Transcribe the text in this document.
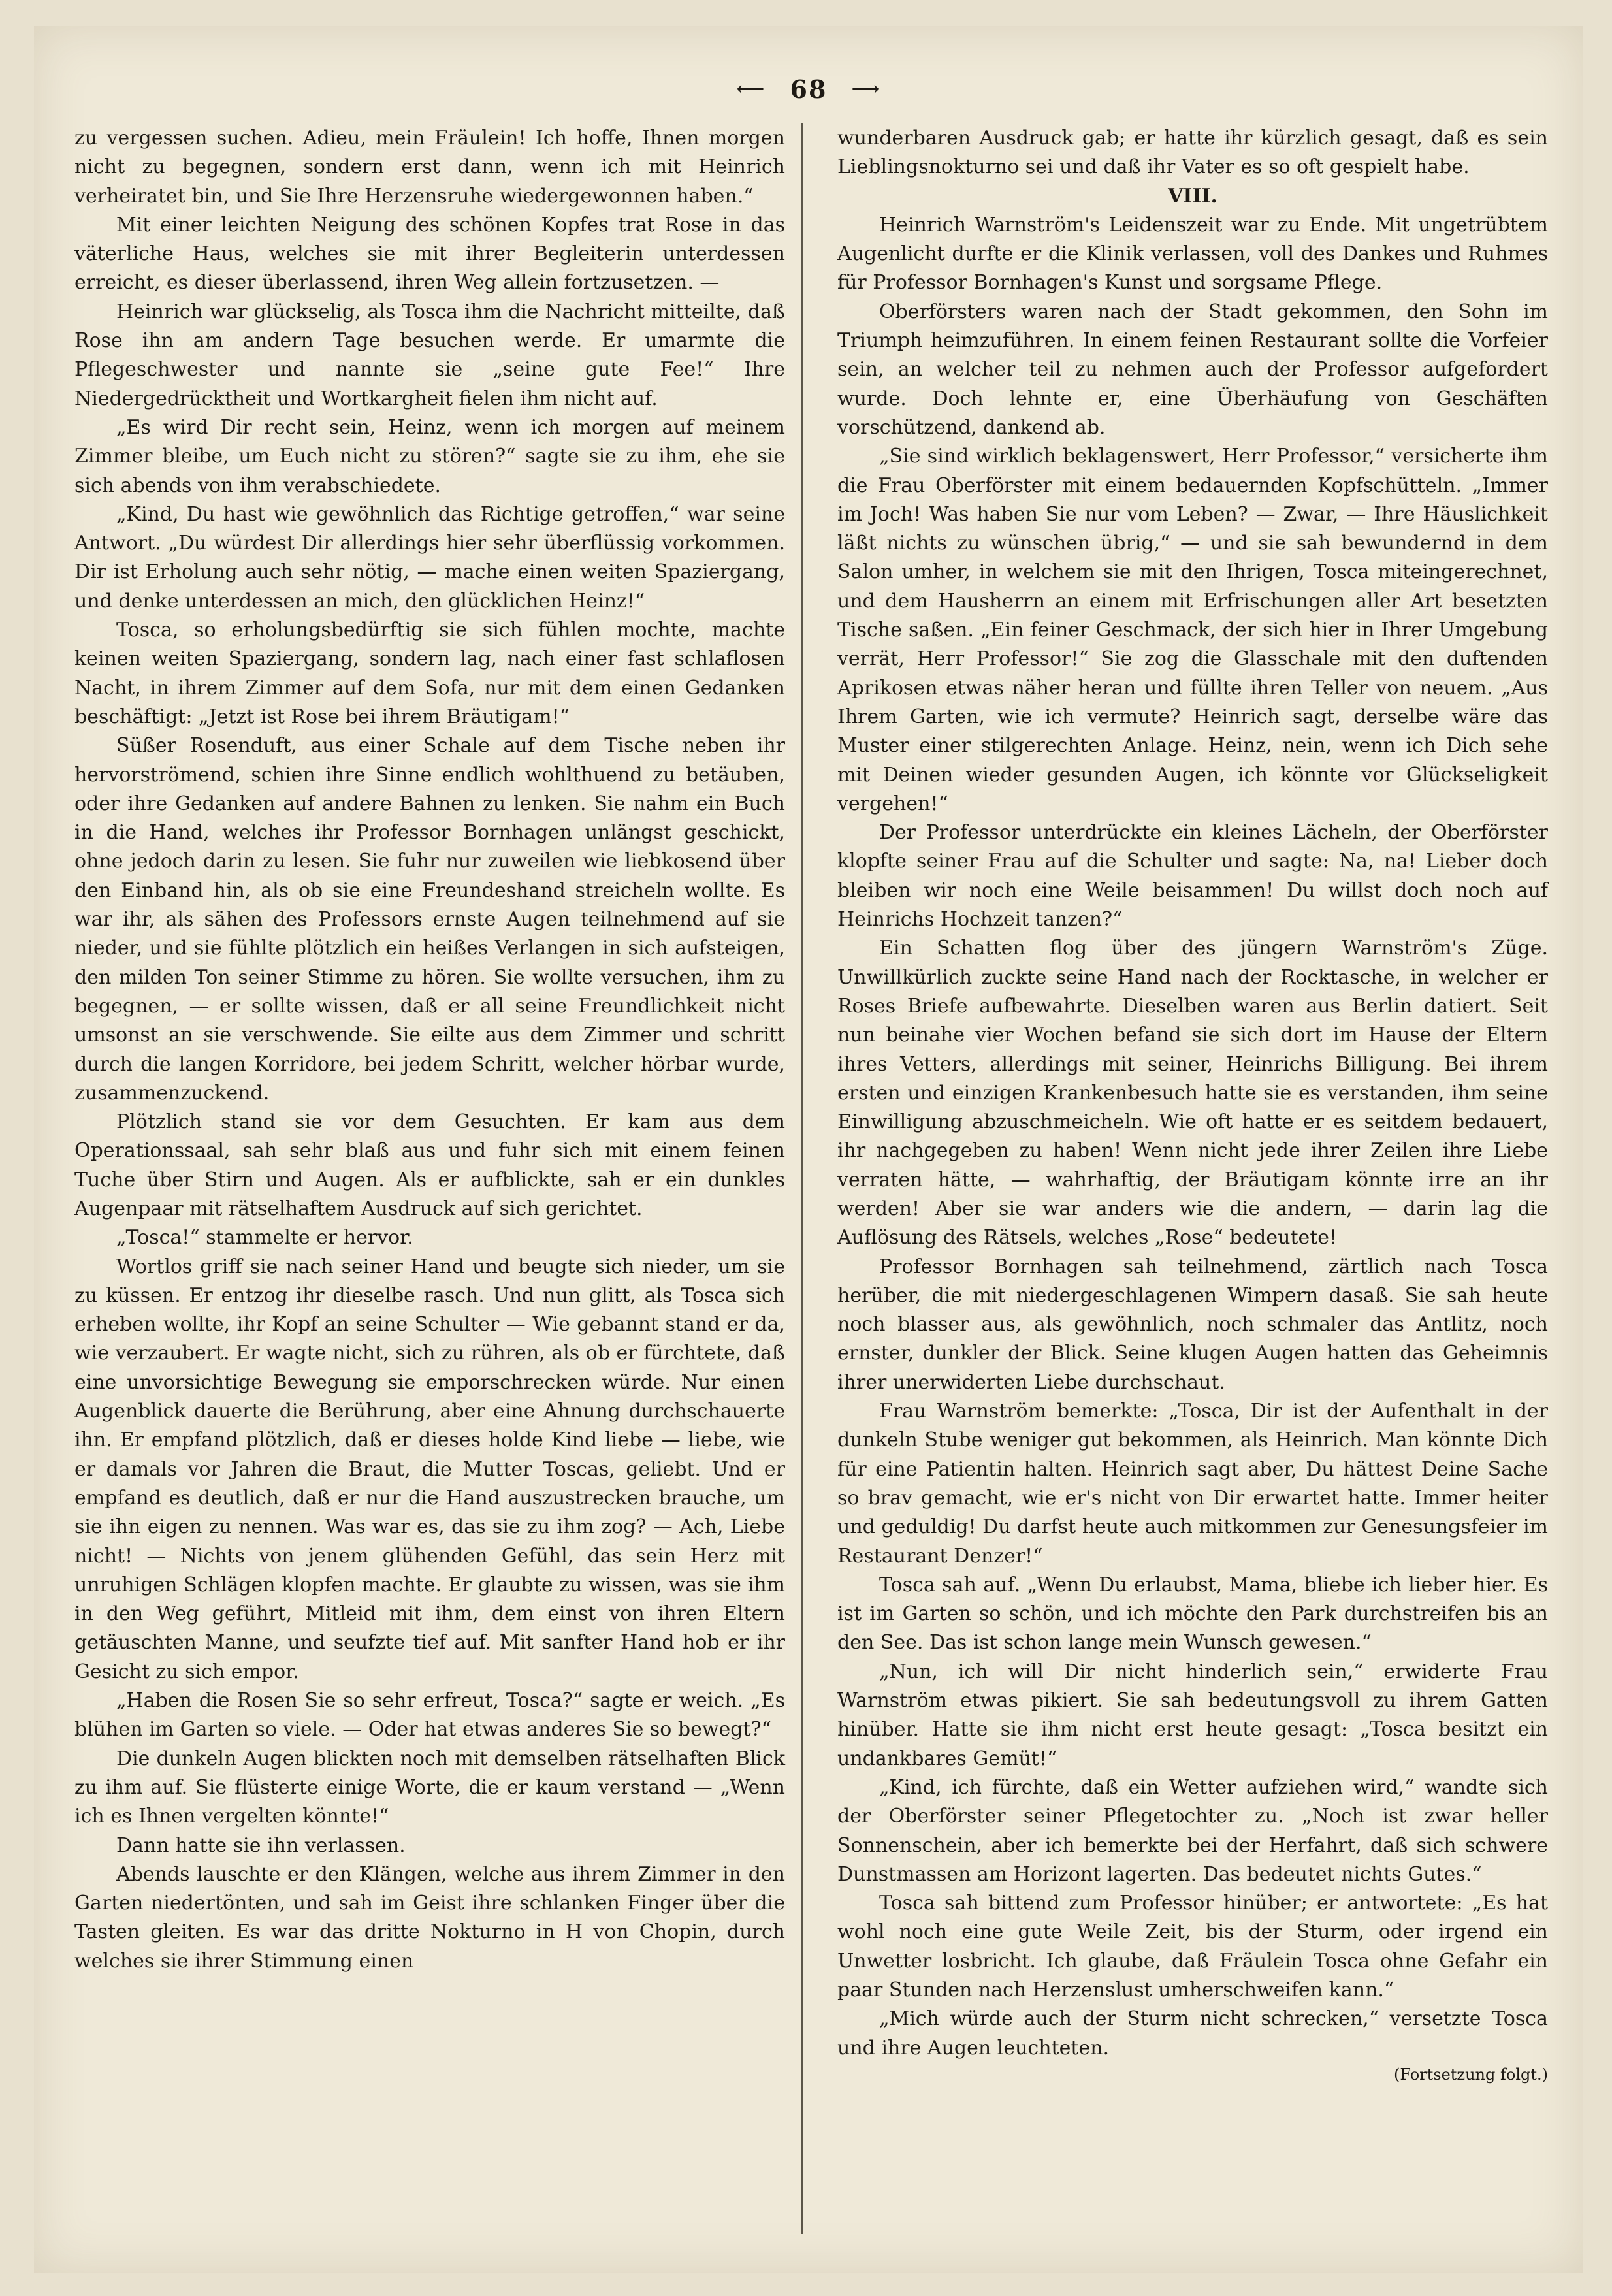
⟵ 68 ⟶

zu vergessen suchen. Adieu, mein Fräulein! Ich hoffe, Ihnen morgen nicht zu begegnen, sondern erst dann, wenn ich mit Heinrich verheiratet bin, und Sie Ihre Herzensruhe wiedergewonnen haben.“

Mit einer leichten Neigung des schönen Kopfes trat Rose in das väterliche Haus, welches sie mit ihrer Begleiterin unterdessen erreicht, es dieser überlassend, ihren Weg allein fortzusetzen. —

Heinrich war glückselig, als Tosca ihm die Nachricht mitteilte, daß Rose ihn am andern Tage besuchen werde. Er umarmte die Pflegeschwester und nannte sie „seine gute Fee!“ Ihre Niedergedrücktheit und Wortkargheit fielen ihm nicht auf.

„Es wird Dir recht sein, Heinz, wenn ich morgen auf meinem Zimmer bleibe, um Euch nicht zu stören?“ sagte sie zu ihm, ehe sie sich abends von ihm verabschiedete.

„Kind, Du hast wie gewöhnlich das Richtige getroffen,“ war seine Antwort. „Du würdest Dir allerdings hier sehr überflüssig vorkommen. Dir ist Erholung auch sehr nötig, — mache einen weiten Spaziergang, und denke unterdessen an mich, den glücklichen Heinz!“

Tosca, so erholungsbedürftig sie sich fühlen mochte, machte keinen weiten Spaziergang, sondern lag, nach einer fast schlaflosen Nacht, in ihrem Zimmer auf dem Sofa, nur mit dem einen Gedanken beschäftigt: „Jetzt ist Rose bei ihrem Bräutigam!“

Süßer Rosenduft, aus einer Schale auf dem Tische neben ihr hervorströmend, schien ihre Sinne endlich wohlthuend zu betäuben, oder ihre Gedanken auf andere Bahnen zu lenken. Sie nahm ein Buch in die Hand, welches ihr Professor Bornhagen unlängst geschickt, ohne jedoch darin zu lesen. Sie fuhr nur zuweilen wie liebkosend über den Einband hin, als ob sie eine Freundeshand streicheln wollte. Es war ihr, als sähen des Professors ernste Augen teilnehmend auf sie nieder, und sie fühlte plötzlich ein heißes Verlangen in sich aufsteigen, den milden Ton seiner Stimme zu hören. Sie wollte versuchen, ihm zu begegnen, — er sollte wissen, daß er all seine Freundlichkeit nicht umsonst an sie verschwende. Sie eilte aus dem Zimmer und schritt durch die langen Korridore, bei jedem Schritt, welcher hörbar wurde, zusammenzuckend.

Plötzlich stand sie vor dem Gesuchten. Er kam aus dem Operationssaal, sah sehr blaß aus und fuhr sich mit einem feinen Tuche über Stirn und Augen. Als er aufblickte, sah er ein dunkles Augenpaar mit rätselhaftem Ausdruck auf sich gerichtet.

„Tosca!“ stammelte er hervor.

Wortlos griff sie nach seiner Hand und beugte sich nieder, um sie zu küssen. Er entzog ihr dieselbe rasch. Und nun glitt, als Tosca sich erheben wollte, ihr Kopf an seine Schulter — Wie gebannt stand er da, wie verzaubert. Er wagte nicht, sich zu rühren, als ob er fürchtete, daß eine unvorsichtige Bewegung sie emporschrecken würde. Nur einen Augenblick dauerte die Berührung, aber eine Ahnung durchschauerte ihn. Er empfand plötzlich, daß er dieses holde Kind liebe — liebe, wie er damals vor Jahren die Braut, die Mutter Toscas, geliebt. Und er empfand es deutlich, daß er nur die Hand auszustrecken brauche, um sie ihn eigen zu nennen. Was war es, das sie zu ihm zog? — Ach, Liebe nicht! — Nichts von jenem glühenden Gefühl, das sein Herz mit unruhigen Schlägen klopfen machte. Er glaubte zu wissen, was sie ihm in den Weg geführt, Mitleid mit ihm, dem einst von ihren Eltern getäuschten Manne, und seufzte tief auf. Mit sanfter Hand hob er ihr Gesicht zu sich empor.

„Haben die Rosen Sie so sehr erfreut, Tosca?“ sagte er weich. „Es blühen im Garten so viele. — Oder hat etwas anderes Sie so bewegt?“

Die dunkeln Augen blickten noch mit demselben rätselhaften Blick zu ihm auf. Sie flüsterte einige Worte, die er kaum verstand — „Wenn ich es Ihnen vergelten könnte!“

Dann hatte sie ihn verlassen.

Abends lauschte er den Klängen, welche aus ihrem Zimmer in den Garten niedertönten, und sah im Geist ihre schlanken Finger über die Tasten gleiten. Es war das dritte Nokturno in H von Chopin, durch welches sie ihrer Stimmung einen

wunderbaren Ausdruck gab; er hatte ihr kürzlich gesagt, daß es sein Lieblingsnokturno sei und daß ihr Vater es so oft gespielt habe.

VIII.

Heinrich Warnström's Leidenszeit war zu Ende. Mit ungetrübtem Augenlicht durfte er die Klinik verlassen, voll des Dankes und Ruhmes für Professor Bornhagen's Kunst und sorgsame Pflege.

Oberförsters waren nach der Stadt gekommen, den Sohn im Triumph heimzuführen. In einem feinen Restaurant sollte die Vorfeier sein, an welcher teil zu nehmen auch der Professor aufgefordert wurde. Doch lehnte er, eine Überhäufung von Geschäften vorschützend, dankend ab.

„Sie sind wirklich beklagenswert, Herr Professor,“ versicherte ihm die Frau Oberförster mit einem bedauernden Kopfschütteln. „Immer im Joch! Was haben Sie nur vom Leben? — Zwar, — Ihre Häuslichkeit läßt nichts zu wünschen übrig,“ — und sie sah bewundernd in dem Salon umher, in welchem sie mit den Ihrigen, Tosca miteingerechnet, und dem Hausherrn an einem mit Erfrischungen aller Art besetzten Tische saßen. „Ein feiner Geschmack, der sich hier in Ihrer Umgebung verrät, Herr Professor!“ Sie zog die Glasschale mit den duftenden Aprikosen etwas näher heran und füllte ihren Teller von neuem. „Aus Ihrem Garten, wie ich vermute? Heinrich sagt, derselbe wäre das Muster einer stilgerechten Anlage. Heinz, nein, wenn ich Dich sehe mit Deinen wieder gesunden Augen, ich könnte vor Glückseligkeit vergehen!“

Der Professor unterdrückte ein kleines Lächeln, der Oberförster klopfte seiner Frau auf die Schulter und sagte: Na, na! Lieber doch bleiben wir noch eine Weile beisammen! Du willst doch noch auf Heinrichs Hochzeit tanzen?“

Ein Schatten flog über des jüngern Warnström's Züge. Unwillkürlich zuckte seine Hand nach der Rocktasche, in welcher er Roses Briefe aufbewahrte. Dieselben waren aus Berlin datiert. Seit nun beinahe vier Wochen befand sie sich dort im Hause der Eltern ihres Vetters, allerdings mit seiner, Heinrichs Billigung. Bei ihrem ersten und einzigen Krankenbesuch hatte sie es verstanden, ihm seine Einwilligung abzuschmeicheln. Wie oft hatte er es seitdem bedauert, ihr nachgegeben zu haben! Wenn nicht jede ihrer Zeilen ihre Liebe verraten hätte, — wahrhaftig, der Bräutigam könnte irre an ihr werden! Aber sie war anders wie die andern, — darin lag die Auflösung des Rätsels, welches „Rose“ bedeutete!

Professor Bornhagen sah teilnehmend, zärtlich nach Tosca herüber, die mit niedergeschlagenen Wimpern dasaß. Sie sah heute noch blasser aus, als gewöhnlich, noch schmaler das Antlitz, noch ernster, dunkler der Blick. Seine klugen Augen hatten das Geheimnis ihrer unerwiderten Liebe durchschaut.

Frau Warnström bemerkte: „Tosca, Dir ist der Aufenthalt in der dunkeln Stube weniger gut bekommen, als Heinrich. Man könnte Dich für eine Patientin halten. Heinrich sagt aber, Du hättest Deine Sache so brav gemacht, wie er's nicht von Dir erwartet hatte. Immer heiter und geduldig! Du darfst heute auch mitkommen zur Genesungsfeier im Restaurant Denzer!“

Tosca sah auf. „Wenn Du erlaubst, Mama, bliebe ich lieber hier. Es ist im Garten so schön, und ich möchte den Park durchstreifen bis an den See. Das ist schon lange mein Wunsch gewesen.“

„Nun, ich will Dir nicht hinderlich sein,“ erwiderte Frau Warnström etwas pikiert. Sie sah bedeutungsvoll zu ihrem Gatten hinüber. Hatte sie ihm nicht erst heute gesagt: „Tosca besitzt ein undankbares Gemüt!“

„Kind, ich fürchte, daß ein Wetter aufziehen wird,“ wandte sich der Oberförster seiner Pflegetochter zu. „Noch ist zwar heller Sonnenschein, aber ich bemerkte bei der Herfahrt, daß sich schwere Dunstmassen am Horizont lagerten. Das bedeutet nichts Gutes.“

Tosca sah bittend zum Professor hinüber; er antwortete: „Es hat wohl noch eine gute Weile Zeit, bis der Sturm, oder irgend ein Unwetter losbricht. Ich glaube, daß Fräulein Tosca ohne Gefahr ein paar Stunden nach Herzenslust umherschweifen kann.“

„Mich würde auch der Sturm nicht schrecken,“ versetzte Tosca und ihre Augen leuchteten.

(Fortsetzung folgt.)
